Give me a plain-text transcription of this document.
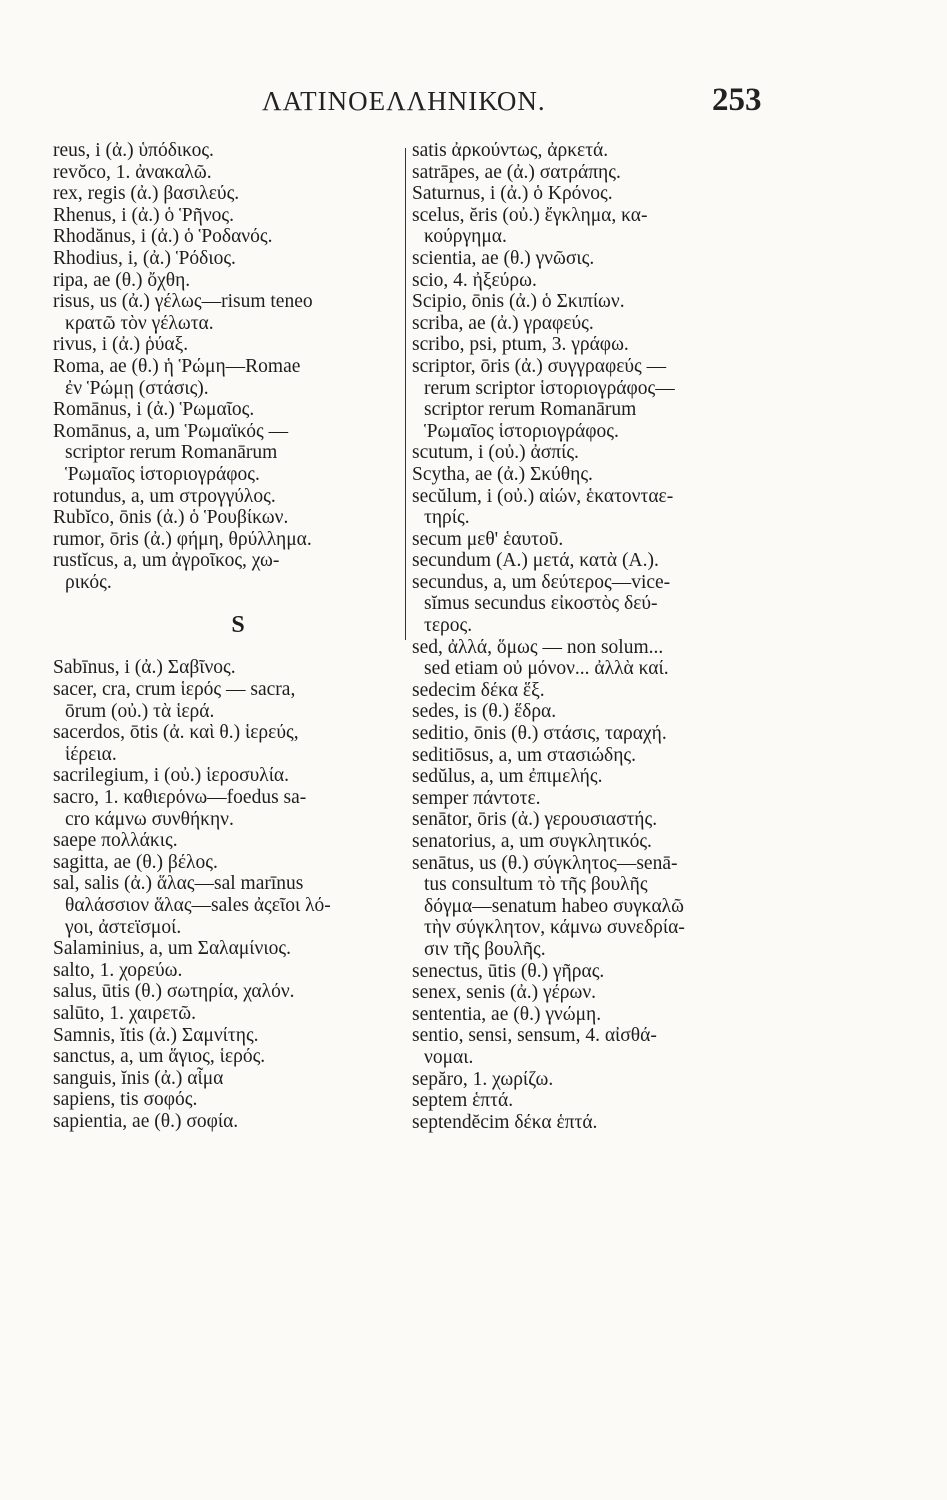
ΛΑΤΙΝΟΕΛΛΗΝΙΚΟΝ.	253
reus, i (ἀ.) ὑπόδικος.
revŏco, 1. ἀνακαλῶ.
rex, regis (ἀ.) βασιλεύς.
Rhenus, i (ἀ.) ὁ Ῥῆνος.
Rhodănus, i (ἀ.) ὁ Ῥοδανός.
Rhodius, i, (ἀ.) Ῥόδιος.
ripa, ae (θ.) ὄχθη.
risus, us (ἀ.) γέλως—risum teneo
κρατῶ τὸν γέλωτα.
rivus, i (ἀ.) ῥύαξ.
Roma, ae (θ.) ἡ Ῥώμη—Romae
ἐν Ῥώμῃ (στάσις).
Romānus, i (ἀ.) Ῥωμαῖος.
Romānus, a, um Ῥωμαϊκός —
scriptor rerum Romanārum
Ῥωμαῖος ἱστοριογράφος.
rotundus, a, um στρογγύλος.
Rubĭco, ōnis (ἀ.) ὁ Ῥουβίκων.
rumor, ōris (ἀ.) φήμη, θρύλλημα.
rustĭcus, a, um ἀγροῖκος, χω-
ρικός.
S
Sabīnus, i (ἀ.) Σαβῖνος.
sacer, cra, crum ἱερός — sacra,
ōrum (οὐ.) τὰ ἱερά.
sacerdos, ōtis (ἀ. καὶ θ.) ἱερεύς,
ἱέρεια.
sacrilegium, i (οὐ.) ἱεροσυλία.
sacro, 1. καθιερόνω—foedus sa-
cro κάμνω συνθήκην.
saepe πολλάκις.
sagitta, ae (θ.) βέλος.
sal, salis (ἀ.) ἅλας—sal marīnus
θαλάσσιον ἅλας—sales ἀςεῖοι λό-
γοι, ἀστεϊσμοί.
Salaminius, a, um Σαλαμίνιος.
salto, 1. χορεύω.
salus, ūtis (θ.) σωτηρία, χαλόν.
salūto, 1. χαιρετῶ.
Samnis, ĭtis (ἀ.) Σαμνίτης.
sanctus, a, um ἅγιος, ἱερός.
sanguis, ĭnis (ἀ.) αἷμα
sapiens, tis σοφός.
sapientia, ae (θ.) σοφία.
satis ἀρκούντως, ἀρκετά.
satrāpes, ae (ἀ.) σατράπης.
Saturnus, i (ἀ.) ὁ Κρόνος.
scelus, ĕris (οὐ.) ἔγκλημα, κα-
κούργημα.
scientia, ae (θ.) γνῶσις.
scio, 4. ἠξεύρω.
Scipio, ōnis (ἀ.) ὁ Σκιπίων.
scriba, ae (ἀ.) γραφεύς.
scribo, psi, ptum, 3. γράφω.
scriptor, ōris (ἀ.) συγγραφεύς —
rerum scriptor ἱστοριογράφος—
scriptor rerum Romanārum
Ῥωμαῖος ἱστοριογράφος.
scutum, i (οὐ.) ἀσπίς.
Scytha, ae (ἀ.) Σκύθης.
secŭlum, i (οὐ.) αἰών, ἑκατονταε-
τηρίς.
secum μεθ' ἑαυτοῦ.
secundum (A.) μετά, κατὰ (A.).
secundus, a, um δεύτερος—vice-
sĭmus secundus εἰκοστὸς δεύ-
τερος.
sed, ἀλλά, ὅμως — non solum...
sed etiam οὐ μόνον... ἀλλὰ καί.
sedecim δέκα ἕξ.
sedes, is (θ.) ἕδρα.
seditio, ōnis (θ.) στάσις, ταραχή.
seditiōsus, a, um στασιώδης.
sedŭlus, a, um ἐπιμελής.
semper πάντοτε.
senātor, ōris (ἀ.) γερουσιαστής.
senatorius, a, um συγκλητικός.
senātus, us (θ.) σύγκλητος—senā-
tus consultum τὸ τῆς βουλῆς
δόγμα—senatum habeo συγκαλῶ
τὴν σύγκλητον, κάμνω συνεδρία-
σιν τῆς βουλῆς.
senectus, ūtis (θ.) γῆρας.
senex, senis (ἀ.) γέρων.
sententia, ae (θ.) γνώμη.
sentio, sensi, sensum, 4. αἰσθά-
νομαι.
sepăro, 1. χωρίζω.
septem ἑπτά.
septendĕcim δέκα ἑπτά.
